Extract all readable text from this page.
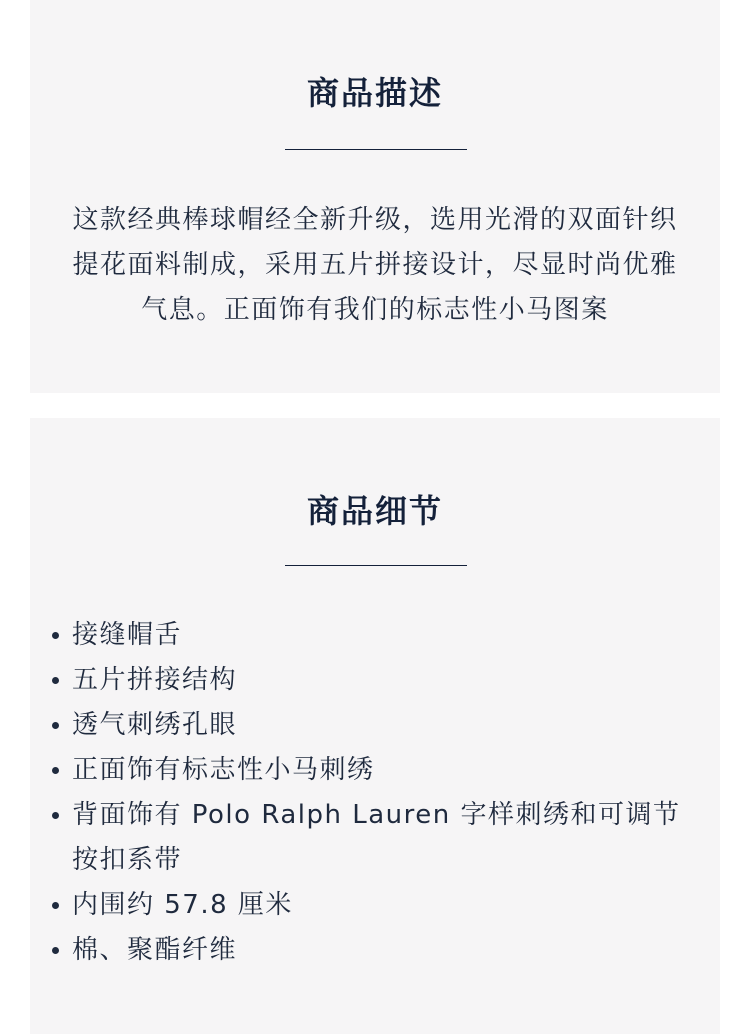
商品描述
这款经典棒球帽经全新升级，选用光滑的双面针织提花面料制成，采用五片拼接设计，尽显时尚优雅气息。正面饰有我们的标志性小马图案
商品细节
接缝帽舌
五片拼接结构
透气刺绣孔眼
正面饰有标志性小马刺绣
背面饰有 Polo Ralph Lauren 字样刺绣和可调节按扣系带
内围约 57.8 厘米
棉、聚酯纤维
